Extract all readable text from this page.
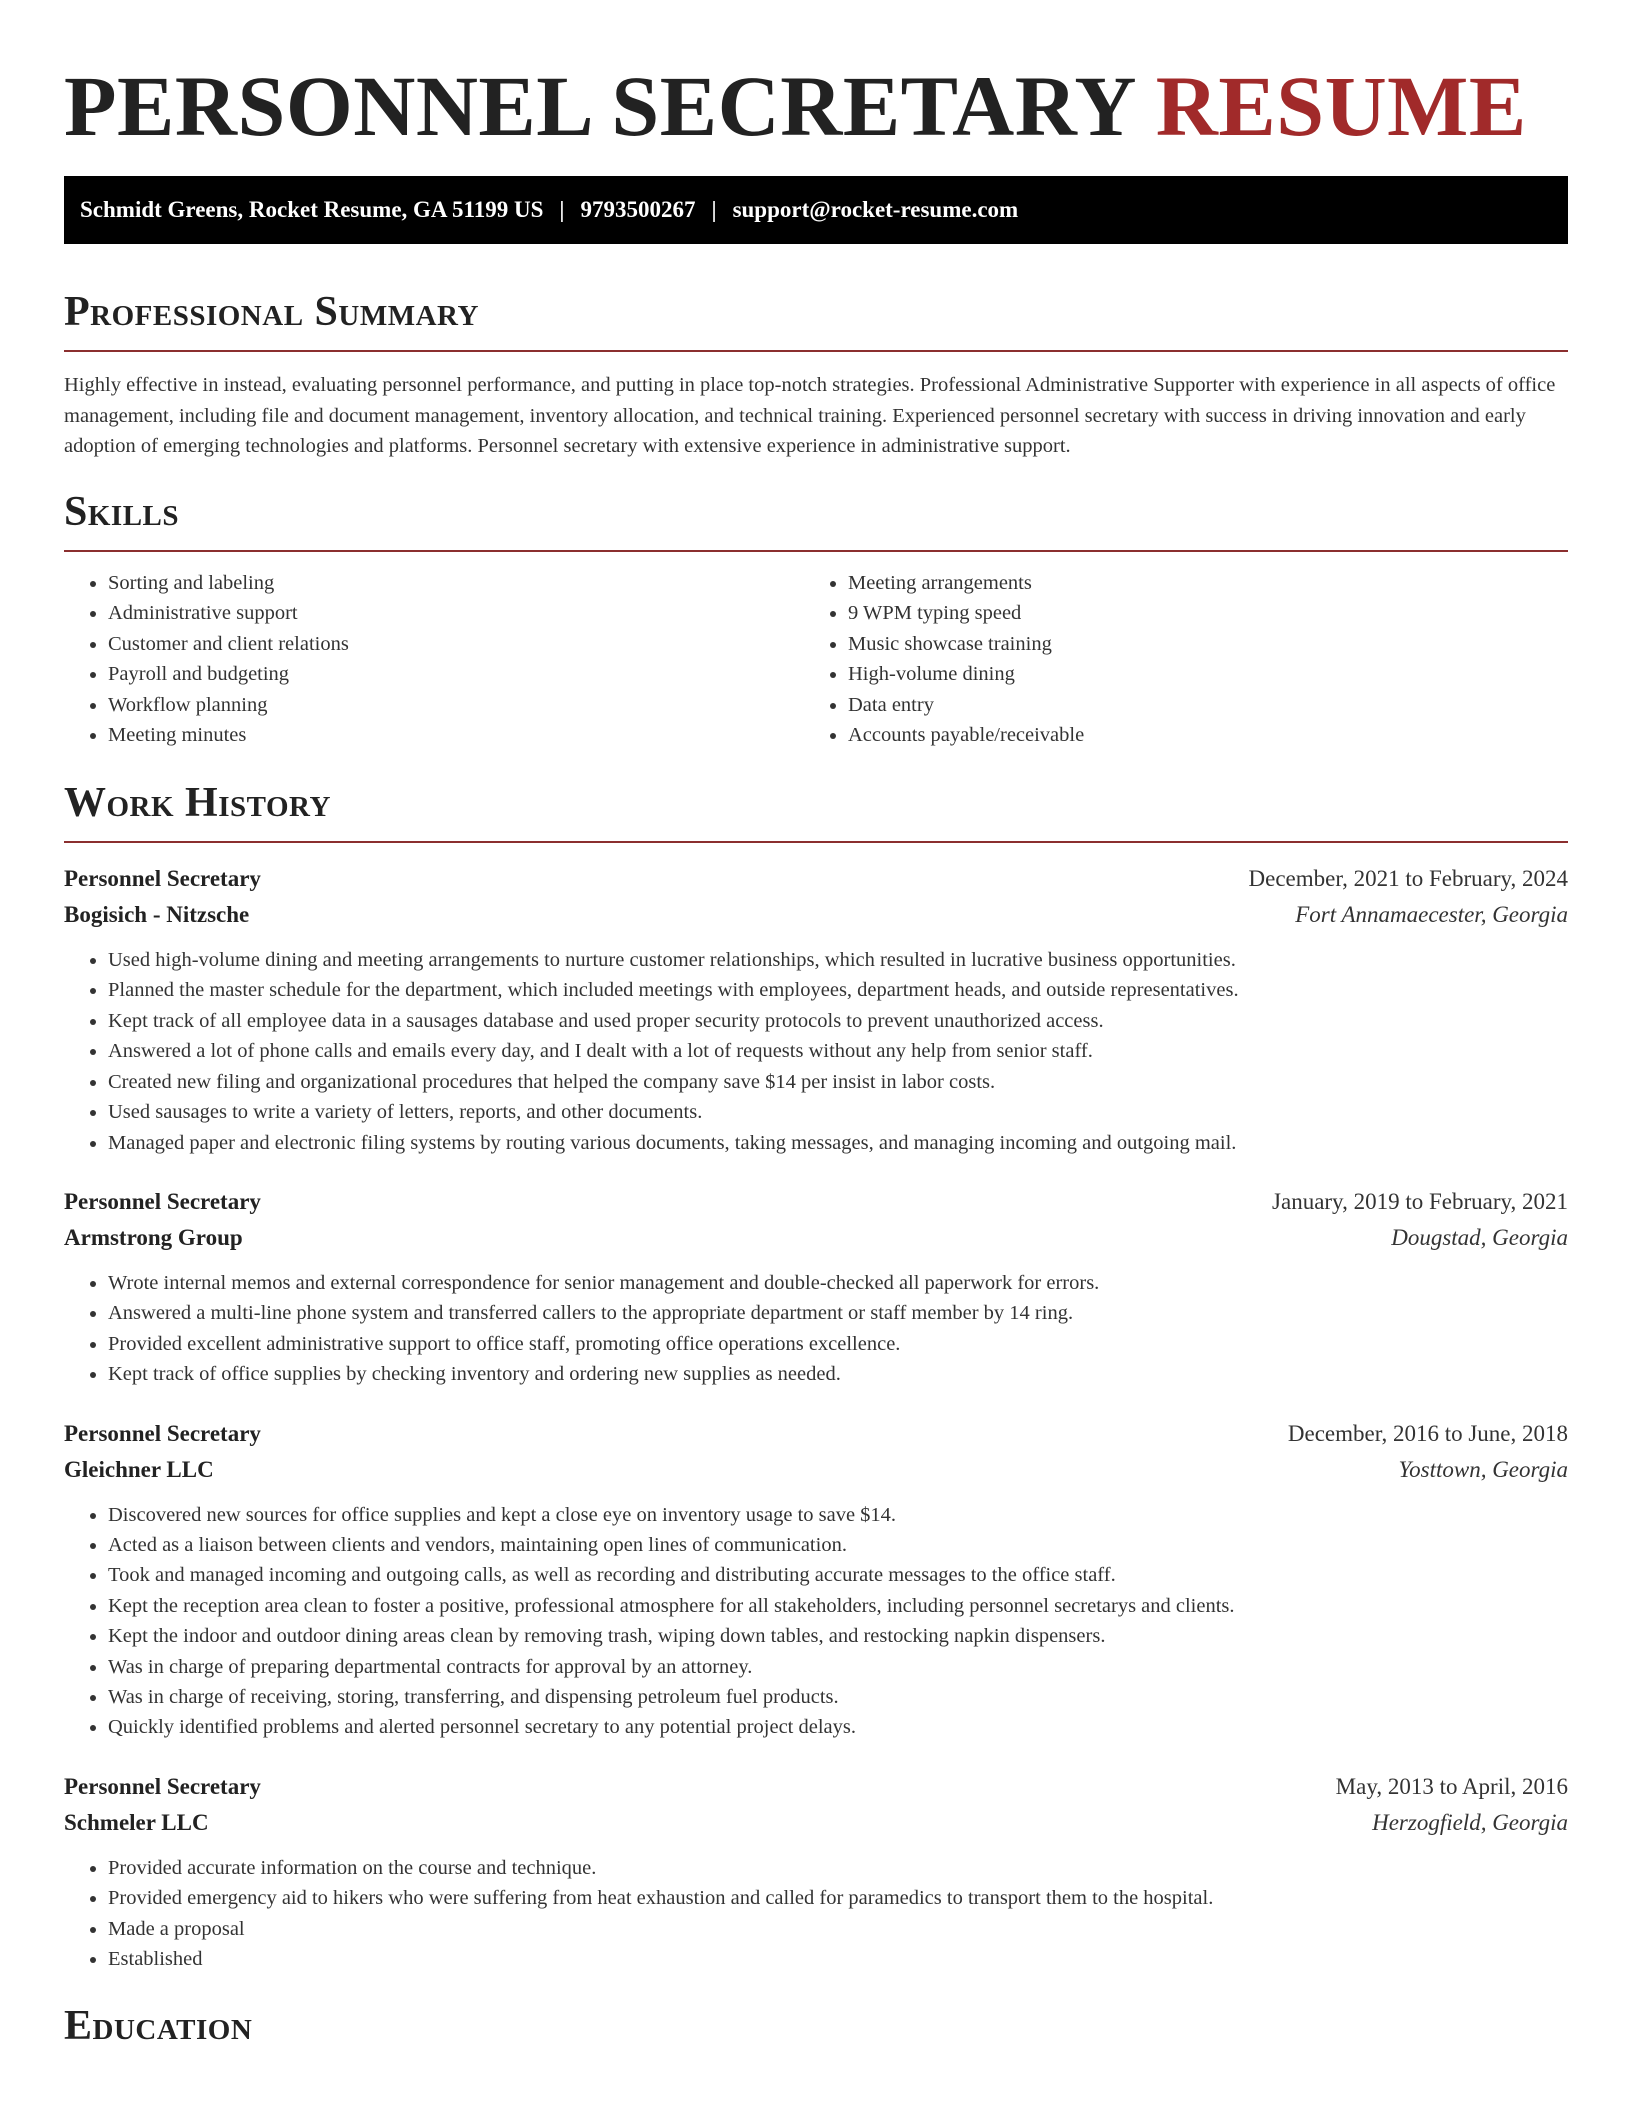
PERSONNEL SECRETARY RESUME
Schmidt Greens, Rocket Resume, GA 51199 US | 9793500267 | support@rocket-resume.com
Professional Summary

Highly effective in instead, evaluating personnel performance, and putting in place top-notch strategies. Professional Administrative Supporter with experience in all aspects of office management, including file and document management, inventory allocation, and technical training. Experienced personnel secretary with success in driving innovation and early adoption of emerging technologies and platforms. Personnel secretary with extensive experience in administrative support.

Skills
• Sorting and labeling
• Administrative support
• Customer and client relations
• Payroll and budgeting
• Workflow planning
• Meeting minutes
• Meeting arrangements
• 9 WPM typing speed
• Music showcase training
• High-volume dining
• Data entry
• Accounts payable/receivable
Work History
Personnel Secretary	December, 2021 to February, 2024
Bogisich - Nitzsche	Fort Annamaecester, Georgia
• Used high-volume dining and meeting arrangements to nurture customer relationships, which resulted in lucrative business opportunities.
• Planned the master schedule for the department, which included meetings with employees, department heads, and outside representatives.
• Kept track of all employee data in a sausages database and used proper security protocols to prevent unauthorized access.
• Answered a lot of phone calls and emails every day, and I dealt with a lot of requests without any help from senior staff.
• Created new filing and organizational procedures that helped the company save $14 per insist in labor costs.
• Used sausages to write a variety of letters, reports, and other documents.
• Managed paper and electronic filing systems by routing various documents, taking messages, and managing incoming and outgoing mail.
Personnel Secretary	January, 2019 to February, 2021
Armstrong Group	Dougstad, Georgia
• Wrote internal memos and external correspondence for senior management and double-checked all paperwork for errors.
• Answered a multi-line phone system and transferred callers to the appropriate department or staff member by 14 ring.
• Provided excellent administrative support to office staff, promoting office operations excellence.
• Kept track of office supplies by checking inventory and ordering new supplies as needed.
Personnel Secretary	December, 2016 to June, 2018
Gleichner LLC	Yosttown, Georgia
• Discovered new sources for office supplies and kept a close eye on inventory usage to save $14.
• Acted as a liaison between clients and vendors, maintaining open lines of communication.
• Took and managed incoming and outgoing calls, as well as recording and distributing accurate messages to the office staff.
• Kept the reception area clean to foster a positive, professional atmosphere for all stakeholders, including personnel secretarys and clients.
• Kept the indoor and outdoor dining areas clean by removing trash, wiping down tables, and restocking napkin dispensers.
• Was in charge of preparing departmental contracts for approval by an attorney.
• Was in charge of receiving, storing, transferring, and dispensing petroleum fuel products.
• Quickly identified problems and alerted personnel secretary to any potential project delays.
Personnel Secretary	May, 2013 to April, 2016
Schmeler LLC	Herzogfield, Georgia
• Provided accurate information on the course and technique.
• Provided emergency aid to hikers who were suffering from heat exhaustion and called for paramedics to transport them to the hospital.
• Made a proposal
• Established
Education
